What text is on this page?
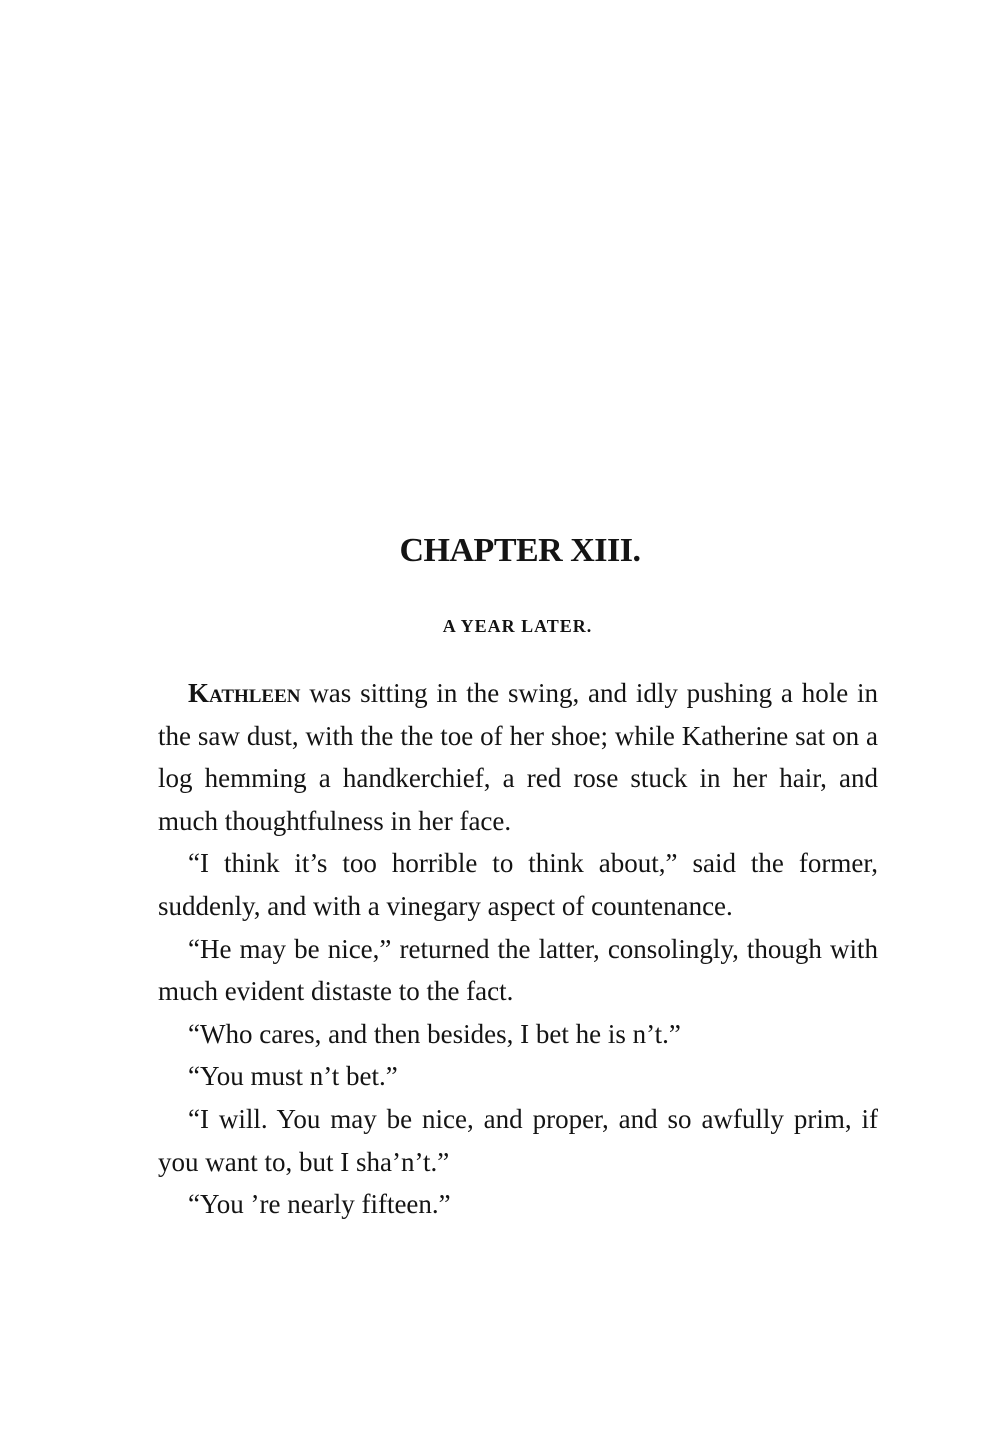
CHAPTER XIII.
A YEAR LATER.

Kathleen was sitting in the swing, and idly pushing a hole in the saw dust, with the the toe of her shoe; while Katherine sat on a log hemming a handkerchief, a red rose stuck in her hair, and much thoughtfulness in her face.

“I think it’s too horrible to think about,” said the former, suddenly, and with a vinegary aspect of countenance.

“He may be nice,” returned the latter, consolingly, though with much evident distaste to the fact.

“Who cares, and then besides, I bet he is n’t.”

“You must n’t bet.”

“I will. You may be nice, and proper, and so awfully prim, if you want to, but I sha’n’t.”

“You ’re nearly fifteen.”
